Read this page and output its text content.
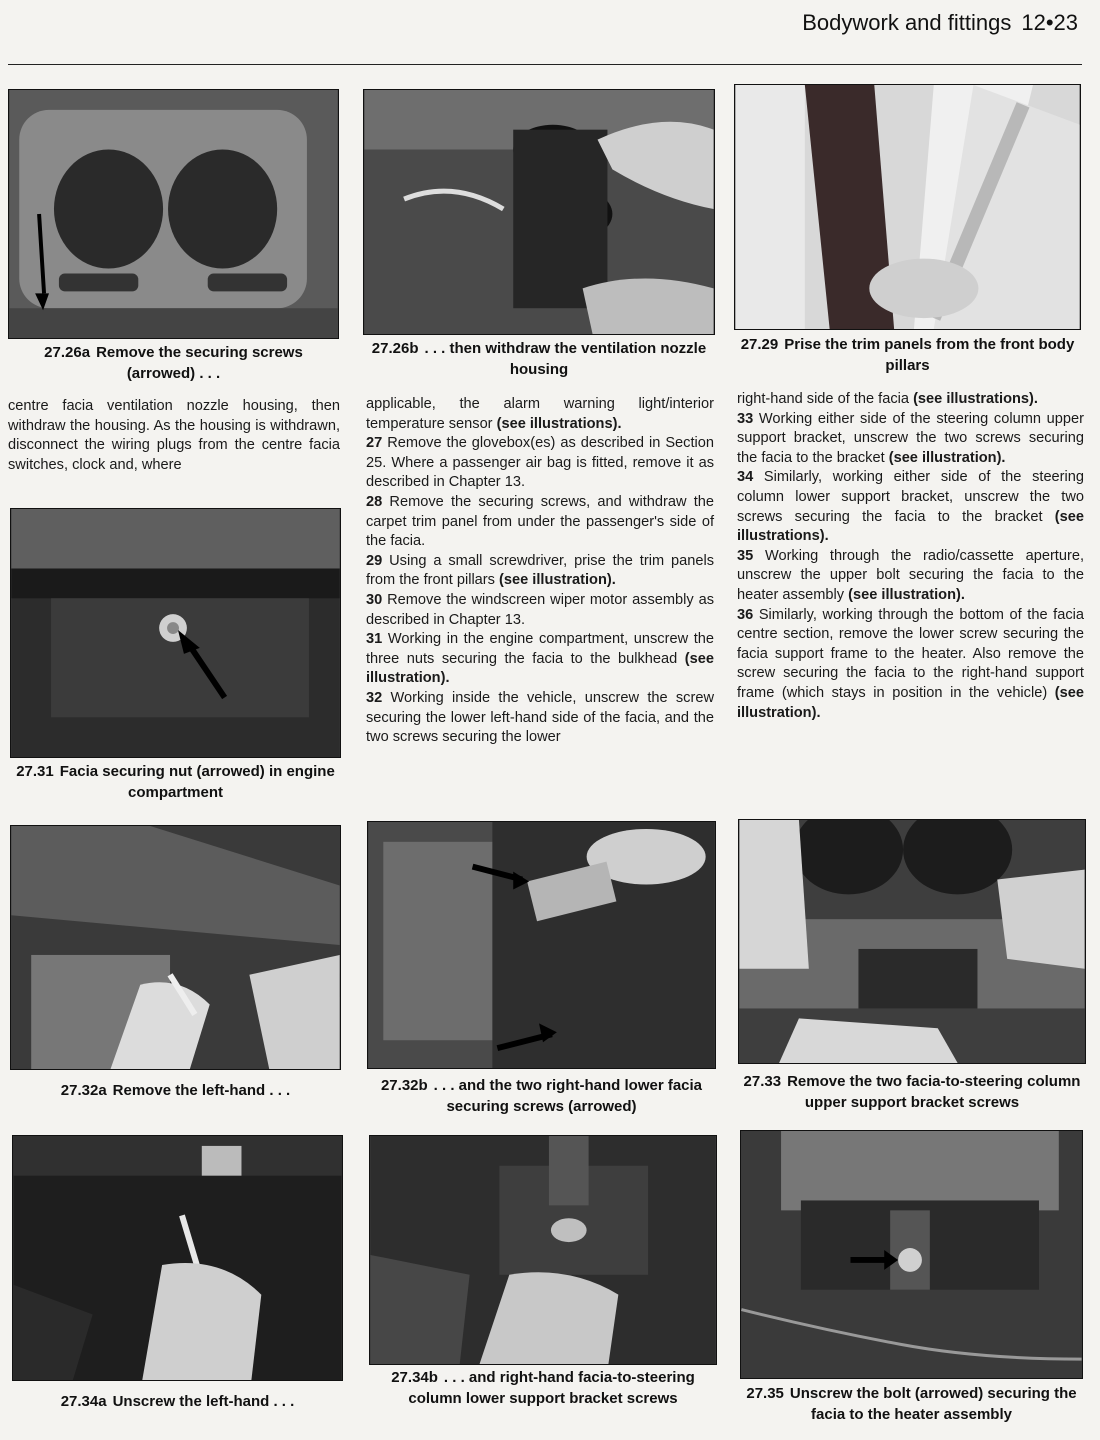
Bodywork and fittings 12•23
27.26a Remove the securing screws (arrowed) . . .
27.26b . . . then withdraw the ventilation nozzle housing
27.29 Prise the trim panels from the front body pillars

centre facia ventilation nozzle housing, then withdraw the housing. As the housing is withdrawn, disconnect the wiring plugs from the centre facia switches, clock and, where

27.31 Facia securing nut (arrowed) in engine compartment

applicable, the alarm warning light/interior temperature sensor (see illustrations).

27 Remove the glovebox(es) as described in Section 25. Where a passenger air bag is fitted, remove it as described in Chapter 13.

28 Remove the securing screws, and withdraw the carpet trim panel from under the passenger's side of the facia.

29 Using a small screwdriver, prise the trim panels from the front pillars (see illustration).

30 Remove the windscreen wiper motor assembly as described in Chapter 13.

31 Working in the engine compartment, unscrew the three nuts securing the facia to the bulkhead (see illustration).

32 Working inside the vehicle, unscrew the screw securing the lower left-hand side of the facia, and the two screws securing the lower

right-hand side of the facia (see illustrations).

33 Working either side of the steering column upper support bracket, unscrew the two screws securing the facia to the bracket (see illustration).

34 Similarly, working either side of the steering column lower support bracket, unscrew the two screws securing the facia to the bracket (see illustrations).

35 Working through the radio/cassette aperture, unscrew the upper bolt securing the facia to the heater assembly (see illustration).

36 Similarly, working through the bottom of the facia centre section, remove the lower screw securing the facia support frame to the heater. Also remove the screw securing the facia to the right-hand support frame (which stays in position in the vehicle) (see illustration).

27.32a Remove the left-hand . . .	27.32b . . . and the two right-hand lower facia securing screws (arrowed)
27.33 Remove the two facia-to-steering column upper support bracket screws
27.34a Unscrew the left-hand . . .
27.34b . . . and right-hand facia-to-steering column lower support bracket screws	27.35 Unscrew the bolt (arrowed) securing the facia to the heater assembly
